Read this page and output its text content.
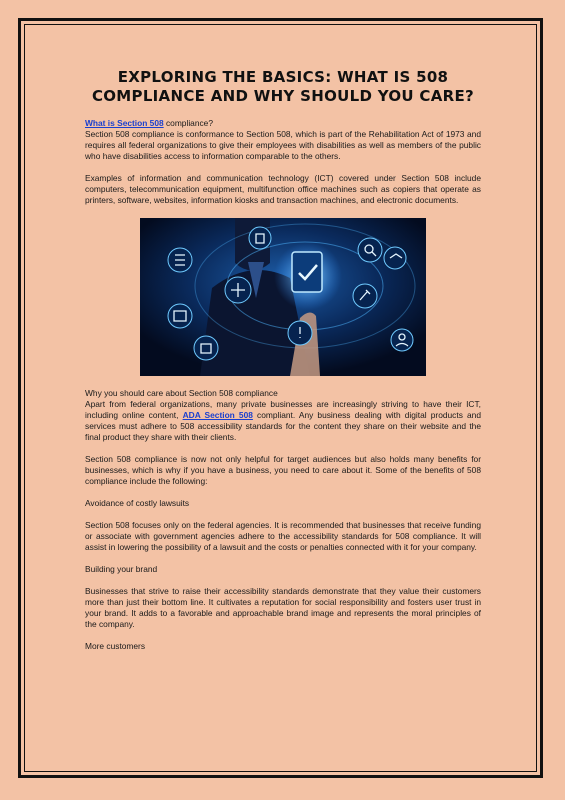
EXPLORING THE BASICS: WHAT IS 508 COMPLIANCE AND WHY SHOULD YOU CARE?

What is Section 508 compliance?

Section 508 compliance is conformance to Section 508, which is part of the Rehabilitation Act of 1973 and requires all federal organizations to give their employees with disabilities as well as members of the public who have disabilities access to information comparable to the others.

Examples of information and communication technology (ICT) covered under Section 508 include computers, telecommunication equipment, multifunction office machines such as copiers that operate as printers, software, websites, information kiosks and transaction machines, and electronic documents.

Why you should care about Section 508 compliance

Apart from federal organizations, many private businesses are increasingly striving to have their ICT, including online content, ADA Section 508 compliant. Any business dealing with digital products and services must adhere to 508 accessibility standards for the content they share on their website and the final product they share with their clients.

Section 508 compliance is now not only helpful for target audiences but also holds many benefits for businesses, which is why if you have a business, you need to care about it. Some of the benefits of 508 compliance include the following:

Avoidance of costly lawsuits

Section 508 focuses only on the federal agencies. It is recommended that businesses that receive funding or associate with government agencies adhere to the accessibility standards for 508 compliance. It will assist in lowering the possibility of a lawsuit and the costs or penalties connected with it for your company.

Building your brand

Businesses that strive to raise their accessibility standards demonstrate that they value their customers more than just their bottom line. It cultivates a reputation for social responsibility and fosters user trust in your brand. It adds to a favorable and approachable brand image and represents the moral principles of the company.

More customers
